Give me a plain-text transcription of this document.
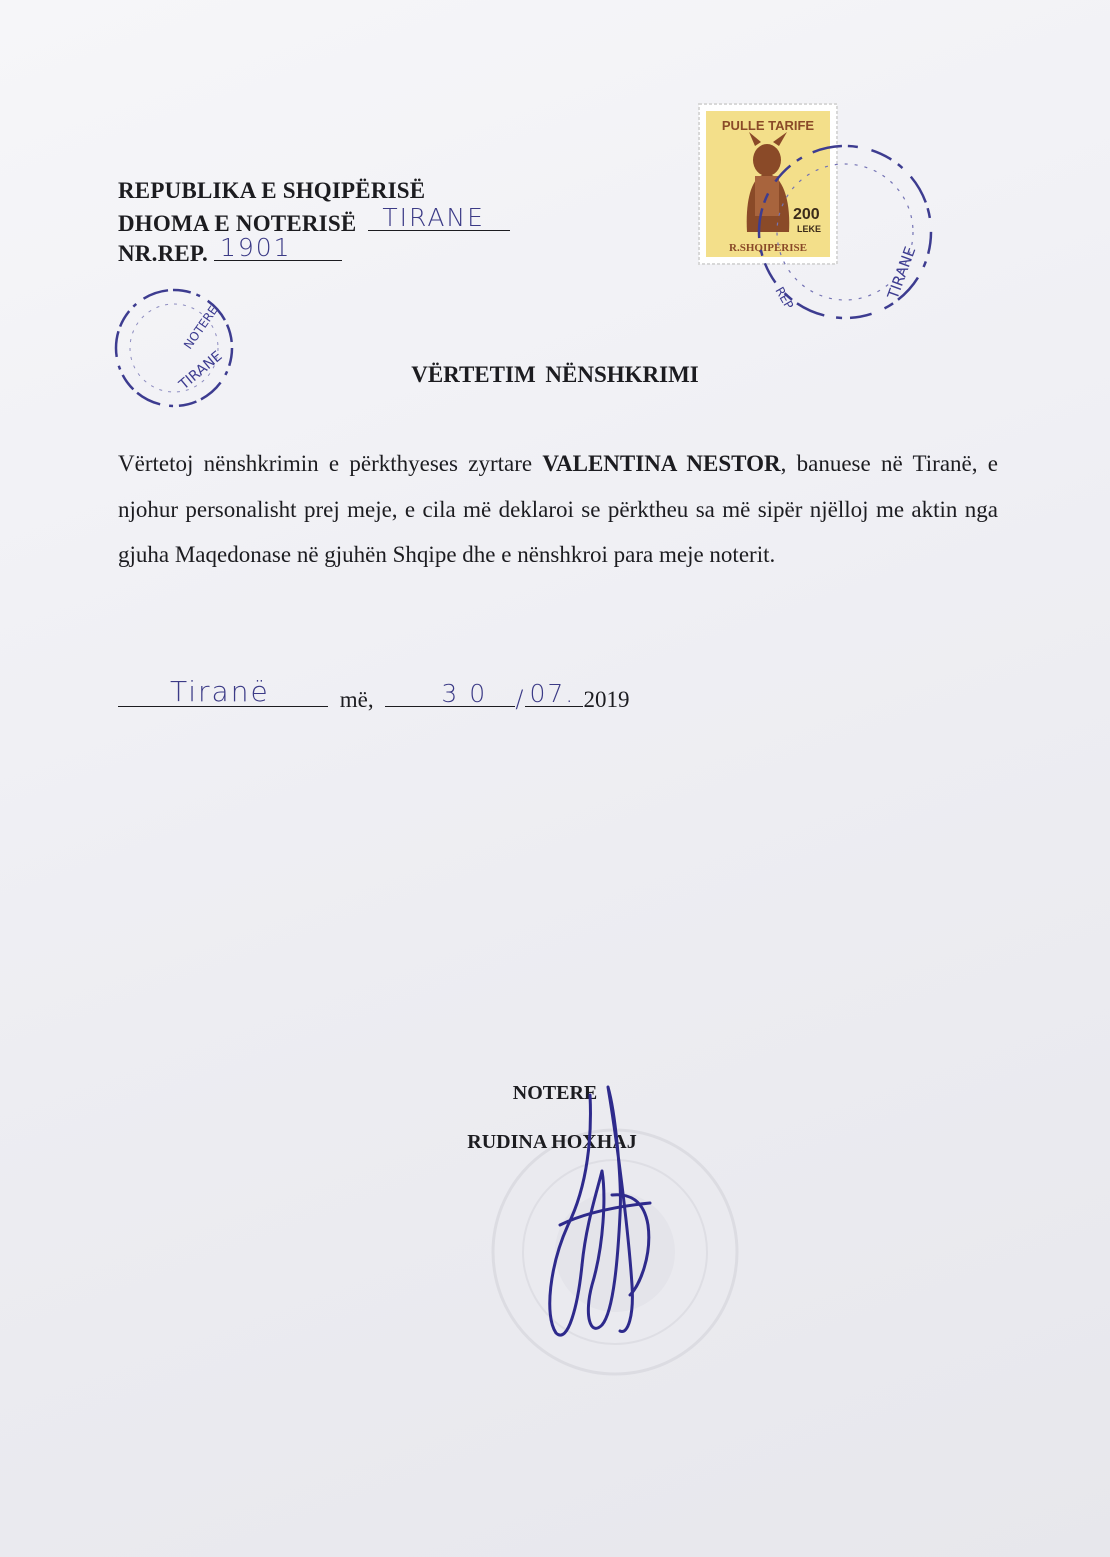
REPUBLIKA E SHQIPËRISË
DHOMA E NOTERISË TIRANE
NR.REP. 1901
NOTERE
TIRANE
PULLE TARIFE
200
LEKE
R.SHQIPERISE	TIRANE
REP
VËRTETIM NËNSHKRIMI
Vërtetoj nënshkrimin e përkthyeses zyrtare VALENTINA NESTOR, banuese në Tiranë, e njohur personalisht prej meje, e cila më deklaroi se përktheu sa më sipër njëlloj me aktin nga gjuha Maqedonase në gjuhën Shqipe dhe e nënshkroi para meje noterit.
Tiranë	më,	30 / 07. 2019
NOTERE
RUDINA HOXHAJ
